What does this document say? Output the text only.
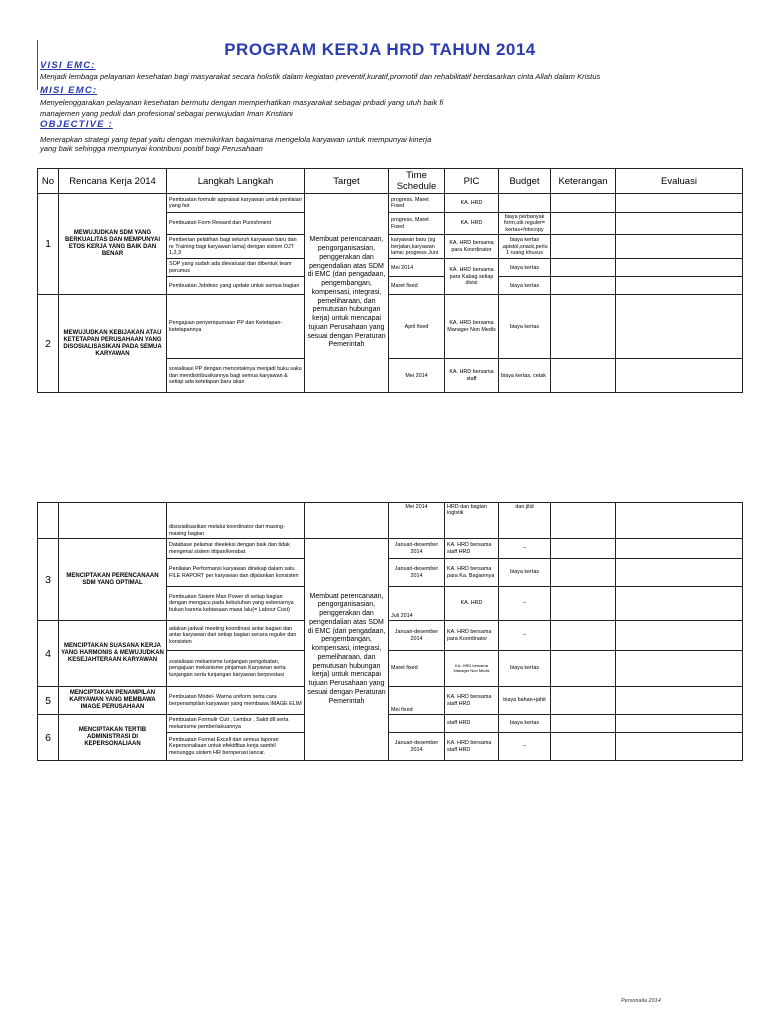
PROGRAM KERJA HRD TAHUN 2014
VISI EMC:
Menjadi lembaga pelayanan kesehatan bagi masyarakat secara holistik dalam kegiatan preventif,kuratif,promotif dan rehabilitatif berdasarkan cinta Allah dalam Kristus
MISI EMC:
Menyelenggarakan pelayanan kesehatan bermutu dengan memperhatikan masyarakat sebagai pribadi yang utuh baik fi
manajemen yang peduli dan profesional sebagai perwujudan Iman Kristiani
OBJECTIVE :
Menerapkan strategi yang tepat yaitu dengan memikirkan bagaimana mengelola karyawan untuk mempunyai kinerja
yang baik sehingga mempunyai kontribusi positif bagi Perusahaan
No	Rencana Kerja 2014	Langkah Langkah	Target	Time Schedule	PIC	Budget	Keterangan	Evaluasi
1	MEWUJUDKAN SDM YANG BERKUALITAS DAN MEMPUNYAI ETOS KERJA YANG BAIK DAN BENAR	Pembuatan formulir appraisal karyawan untuk penilaian yang fair	Membuat perencanaan, pengorganisasian, penggerakan dan pengendalian atas SDM di EMC (dari pengadaan, pengembangan, kompensasi, integrasi, pemeliharaan, dan pemutusan hubungan kerja) untuk mencapai tujuan Perusahaan yang sesuai dengan Peraturan Pemerintah	progress, Maret Fixed	KA. HRD			
		Pembuatan Form Reward dan Punishment		progress, Maret Fixed	KA. HRD	biaya perbanyak form,utk reguler= kertas+fotocopy		
		Pemberian pelatihan bagi seluruh karyawan baru dan re Training bagi karyawan lama) dengan sistem OJT 1,2,3		karyawan baru (sg berjalan,karyawan lama: progress Juni	KA. HRD bersama para Koordinator	biaya kertas ,apistol,snack,perlu 1 ruang khusus		
		SOP yang sudah ada dievaluasi dan dibentuk team perumus		Mei 2014	KA. HRD bersama para Kabag setiap divisi	biaya kertas		
		Pembuatan Jobdesc yang update untuk semua bagian		Maret fixed		biaya kertas		
2	MEWUJUDKAN KEBIJAKAN ATAU KETETAPAN PERUSAHAAN YANG DISOSIALISASIKAN PADA SEMUA KARYAWAN	Pengajuan penyempurnaan PP dan Ketetapan-ketetapannya		April fixed	KA. HRD bersama Manager Non Medis	biaya kertas		
		sosialisasi PP dengan mencetaknya menjadi buku saku dan mendistribusikannya bagi semua karyawan & setiap ada ketetapan baru akan		Mei 2014	KA. HRD bersama staff	biaya kertas, cetak		
		disosialisasikan melalui koordinator dari masing-masing bagian		Mei 2014	HRD dan bagian logistik	dan jilid		
3	MENCIPTAKAN PERENCANAAN SDM YANG OPTIMAL	Database pelamar dieeleksi dengan baik dan tidak mengenal sistem titipan/kerabat	Membuat perencanaan, pengorganisasian, penggerakan dan pengendalian atas SDM di EMC (dari pengadaan, pengembangan, kompensasi, integrasi, pemeliharaan, dan pemutusan hubungan kerja) untuk mencapai tujuan Perusahaan yang sesuai dengan Peraturan Pemerintah	Januari-desember 2014	KA. HRD bersama staff HRD	–		
		Penilaian Performansi karyawan dinekap dalam satu FILE RAPORT per karyawan dan dijalankan konsisten		Januari-desember 2014	KA. HRD bersama para Ka. Bagiannya	biaya kertas		
		Pembuatan Sistem Man Power di setiap bagian dengan mengacu pada kebutuhan yang sebenarnya bukan karena kebiasaan masa lalu(= Labour Cost)		Juli 2014	KA. HRD	–		
4	MENCIPTAKAN SUASANA KERJA YANG HARMONIS & MEWUJUDKAN KESEJAHTERAAN KARYAWAN	adakan jadwal meeting koordinasi antar bagian dan antar karyawan dari setiap bagian secara reguler dan konsisten		Januari-desember 2014	KA. HRD bersama para Koordinator	–		
		sosialisasi mekanisme tunjangan pengobatan, pengajuan mekanisme pinjaman Karyawan serta tunjangan serta tunjangan karyawan berprestasi		Maret fixed	KA. HRD bersama Manager Non Medis	biaya kertas		
5	MENCIPTAKAN PENAMPILAN KARYAWAN YANG MEMBAWA IMAGE PERUSAHAAN	Pembuatan Model- Warna uniform serta cara berpenampilan karyawan yang membawa IMAGE ELIM		Mei fixed	KA. HRD bersama staff HRD	biaya bahan+jahit		
6	MENCIPTAKAN TERTIB ADMINISTRASI DI KEPERSONALIAAN	Pembuatan Formulir Cuti , Lembur , Sakit dll serta mekanisme pemberlakuannya			staff HRD	biaya kertas		
		Pembuatan Format Excell dari semua laporan Kepersonaliaan untuk efektifitas kerja sambil menunggu sistem HR beroperasi lancar.		Januari-desember 2014	KA. HRD bersama staff HRD	–		
Personalia 2014
